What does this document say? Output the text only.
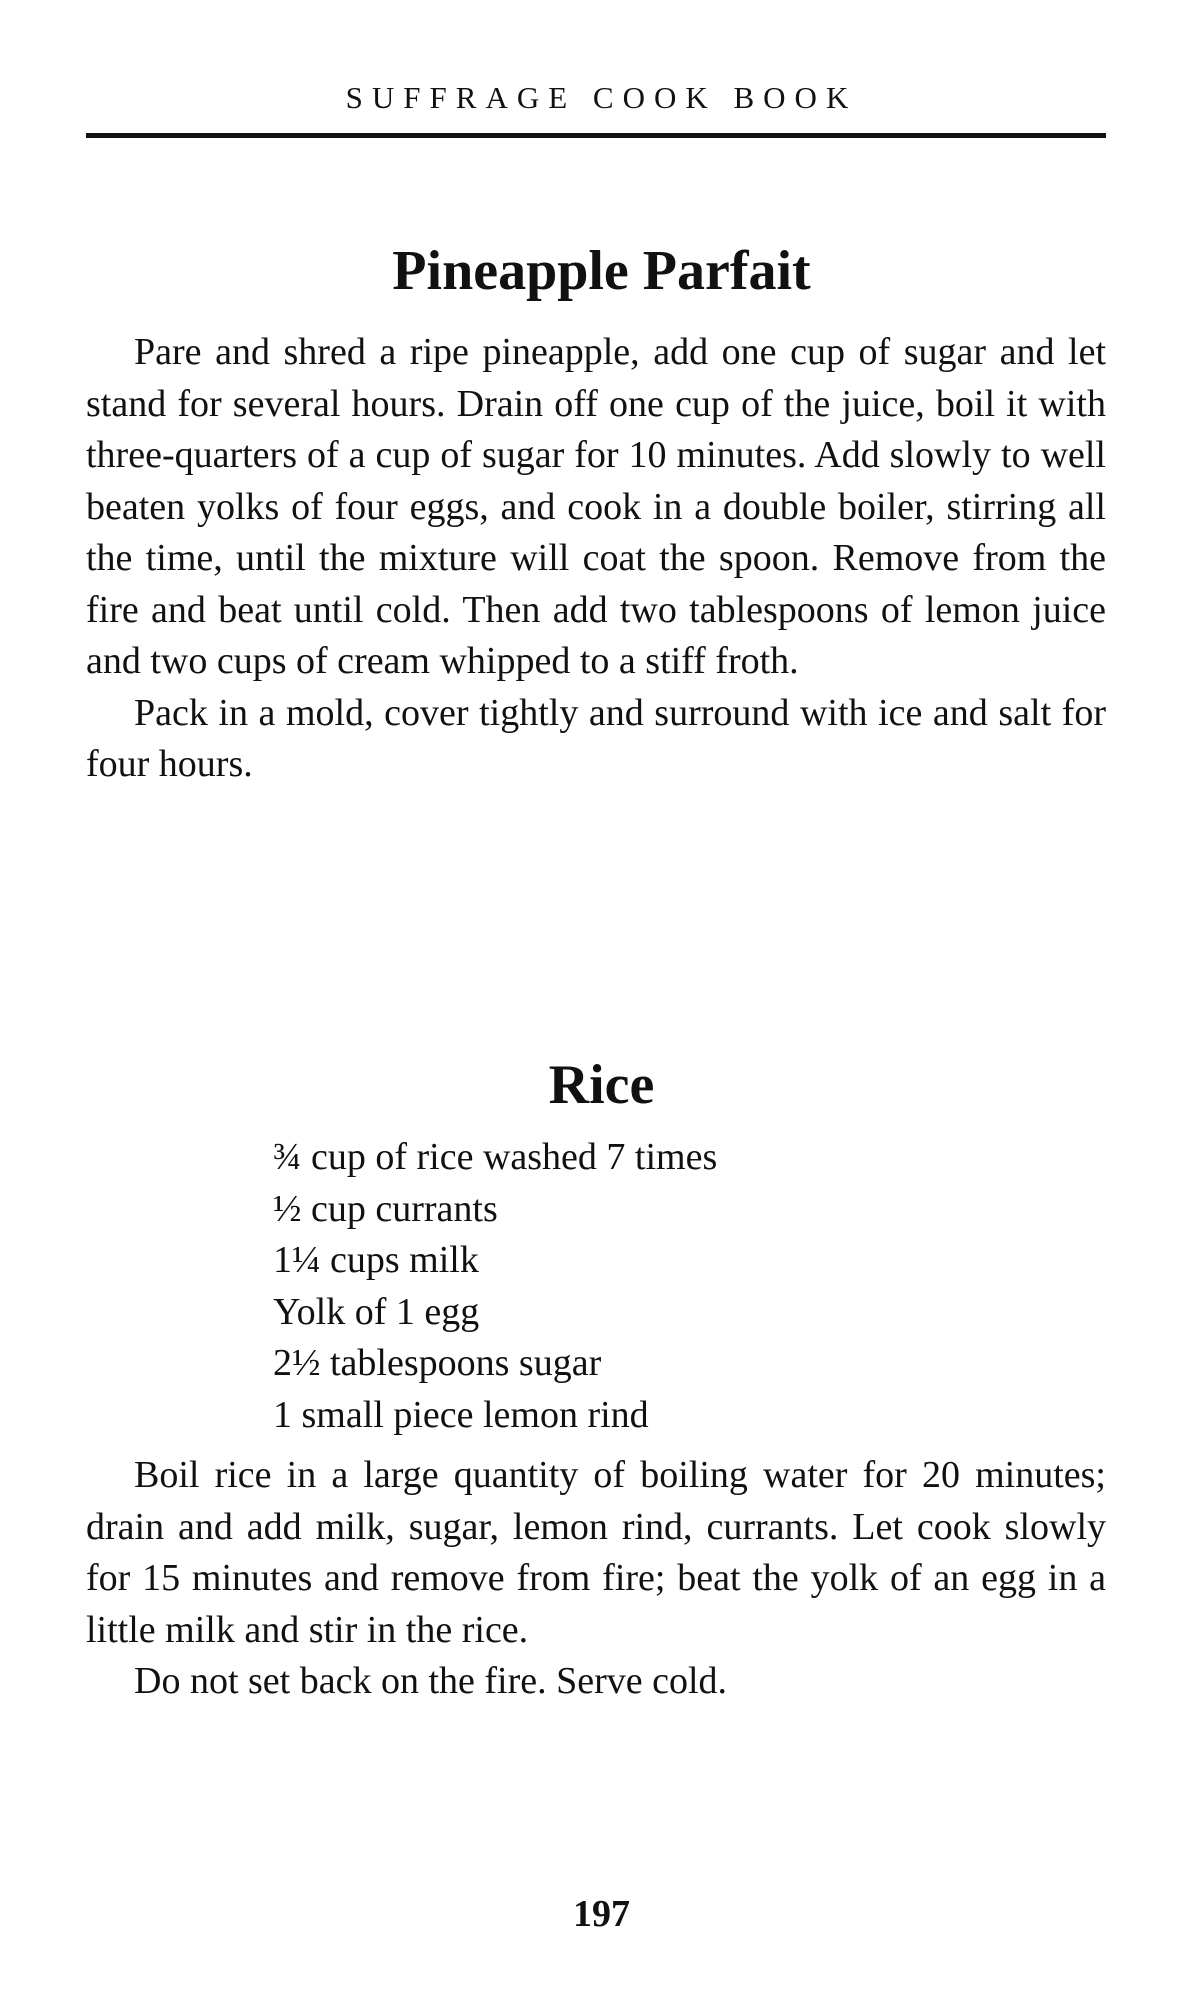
SUFFRAGE COOK BOOK
Pineapple Parfait

Pare and shred a ripe pineapple, add one cup of sugar and let stand for several hours. Drain off one cup of the juice, boil it with three-quarters of a cup of sugar for 10 minutes. Add slowly to well beaten yolks of four eggs, and cook in a double boiler, stirring all the time, until the mixture will coat the spoon. Remove from the fire and beat until cold. Then add two tablespoons of lemon juice and two cups of cream whipped to a stiff froth.

Pack in a mold, cover tightly and surround with ice and salt for four hours.

Rice
¾ cup of rice washed 7 times
½ cup currants
1¼ cups milk
Yolk of 1 egg
2½ tablespoons sugar
1 small piece lemon rind

Boil rice in a large quantity of boiling water for 20 minutes; drain and add milk, sugar, lemon rind, currants. Let cook slowly for 15 minutes and remove from fire; beat the yolk of an egg in a little milk and stir in the rice.

Do not set back on the fire. Serve cold.

197
